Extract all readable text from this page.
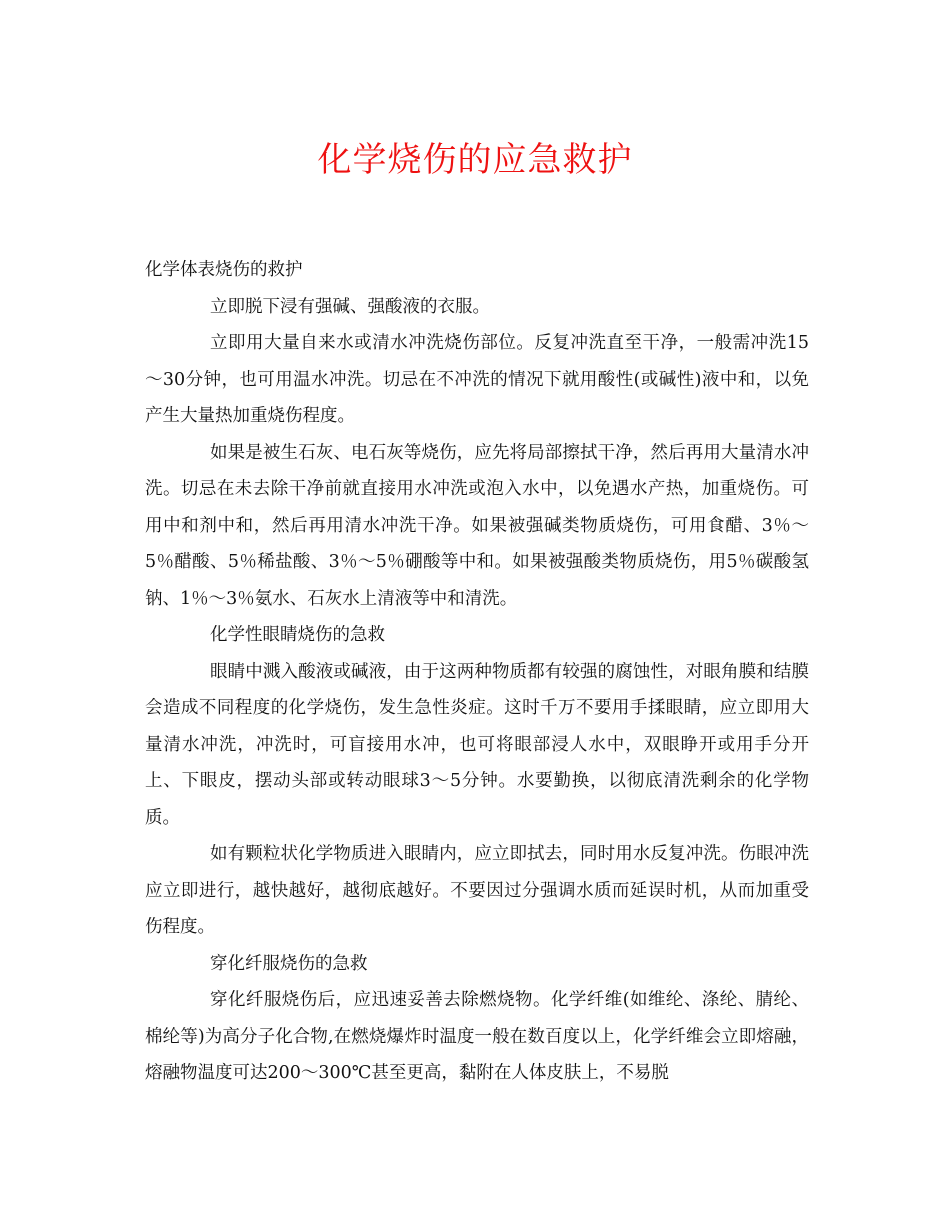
化学烧伤的应急救护

化学体表烧伤的救护

立即脱下浸有强碱、强酸液的衣服。

立即用大量自来水或清水冲洗烧伤部位。反复冲洗直至干净，一般需冲洗15～30分钟，也可用温水冲洗。切忌在不冲洗的情况下就用酸性(或碱性)液中和，以免产生大量热加重烧伤程度。

如果是被生石灰、电石灰等烧伤，应先将局部擦拭干净，然后再用大量清水冲洗。切忌在未去除干净前就直接用水冲洗或泡入水中，以免遇水产热，加重烧伤。可用中和剂中和，然后再用清水冲洗干净。如果被强碱类物质烧伤，可用食醋、3％～5％醋酸、5％稀盐酸、3％～5％硼酸等中和。如果被强酸类物质烧伤，用5％碳酸氢钠、1％～3％氨水、石灰水上清液等中和清洗。

化学性眼睛烧伤的急救

眼睛中溅入酸液或碱液，由于这两种物质都有较强的腐蚀性，对眼角膜和结膜会造成不同程度的化学烧伤，发生急性炎症。这时千万不要用手揉眼睛，应立即用大量清水冲洗，冲洗时，可盲接用水冲，也可将眼部浸人水中，双眼睁开或用手分开上、下眼皮，摆动头部或转动眼球3～5分钟。水要勤换，以彻底清洗剩余的化学物质。

如有颗粒状化学物质进入眼睛内，应立即拭去，同时用水反复冲洗。伤眼冲洗应立即进行，越快越好，越彻底越好。不要因过分强调水质而延误时机，从而加重受伤程度。

穿化纤服烧伤的急救

穿化纤服烧伤后，应迅速妥善去除燃烧物。化学纤维(如维纶、涤纶、腈纶、棉纶等)为高分子化合物,在燃烧爆炸时温度一般在数百度以上，化学纤维会立即熔融，熔融物温度可达200～300℃甚至更高，黏附在人体皮肤上，不易脱
